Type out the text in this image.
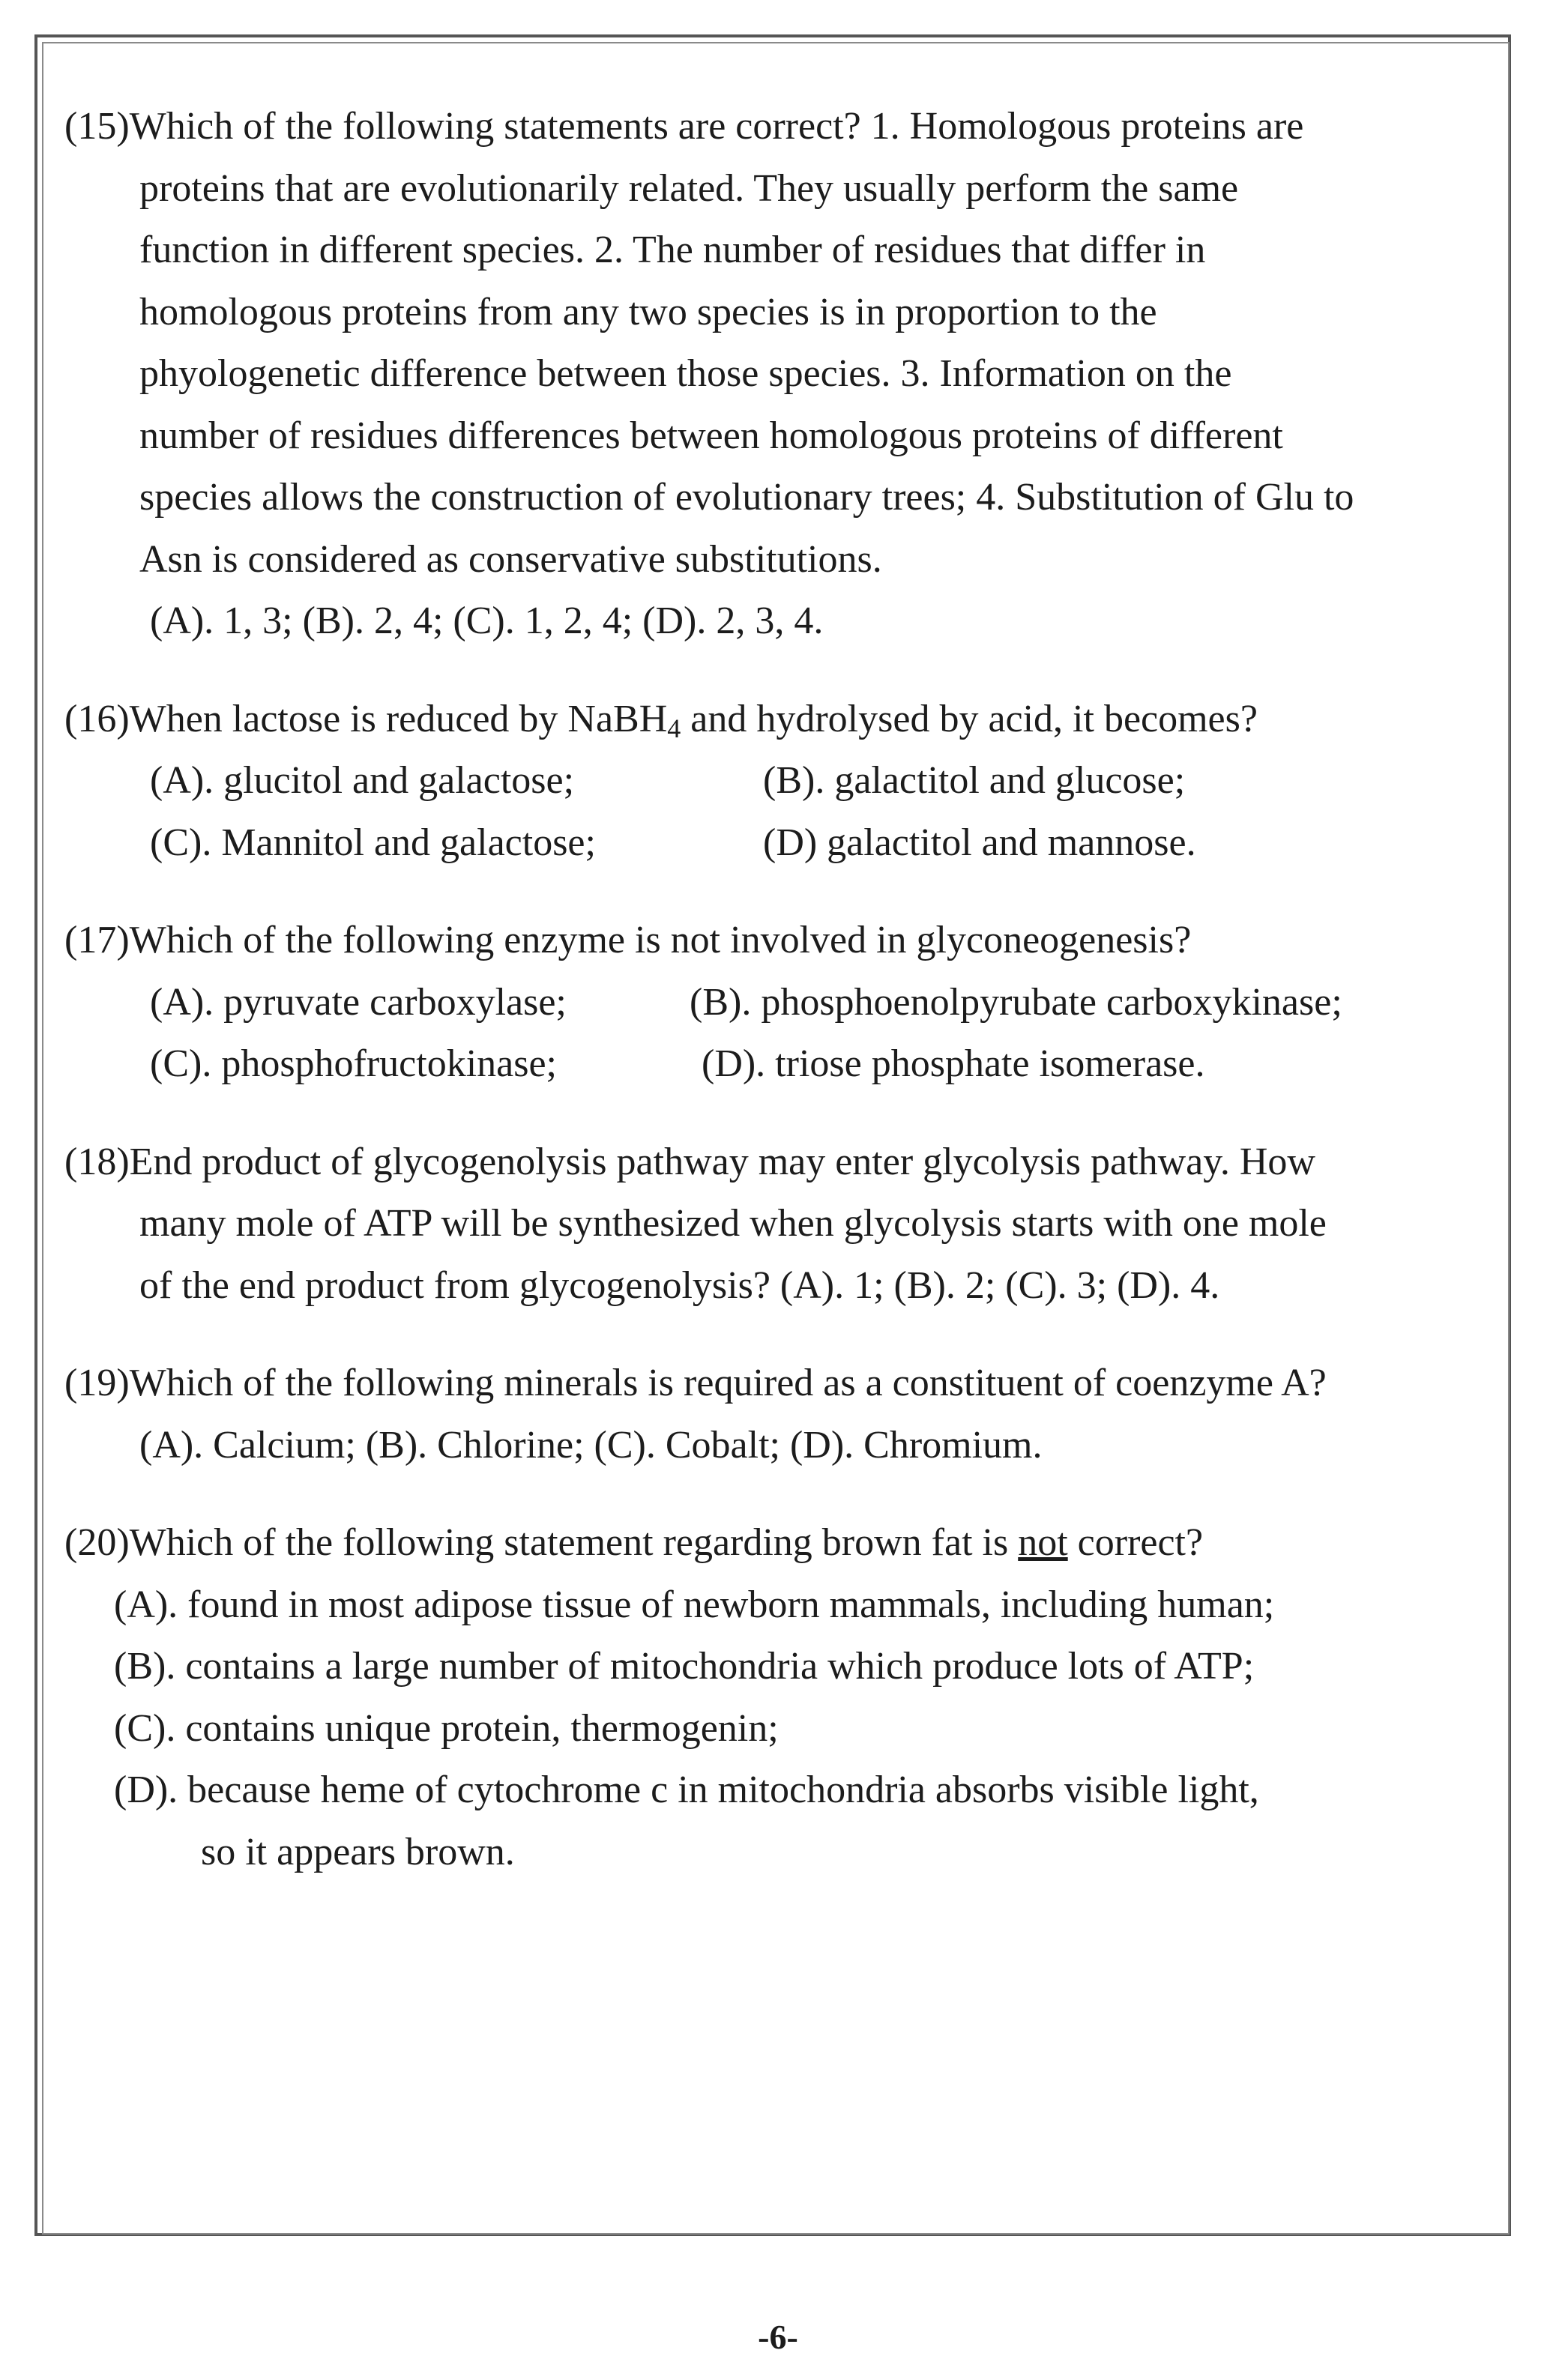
(15)Which of the following statements are correct? 1. Homologous proteins are
proteins that are evolutionarily related. They usually perform the same
function in different species. 2. The number of residues that differ in
homologous proteins from any two species is in proportion to the
phyologenetic difference between those species. 3. Information on the
number of residues differences between homologous proteins of different
species allows the construction of evolutionary trees; 4. Substitution of Glu to
Asn is considered as conservative substitutions.
(A). 1, 3; (B). 2, 4; (C). 1, 2, 4; (D). 2, 3, 4.
(16)When lactose is reduced by NaBH$_4$ and hydrolysed by acid, it becomes?
(A). glucitol and galactose;	(B). galactitol and glucose;
(C). Mannitol and galactose;	(D) galactitol and mannose.
(17)Which of the following enzyme is not involved in glyconeogenesis?
(A). pyruvate carboxylase;	(B). phosphoenolpyrubate carboxykinase;
(C). phosphofructokinase;	(D). triose phosphate isomerase.
(18)End product of glycogenolysis pathway may enter glycolysis pathway. How
many mole of ATP will be synthesized when glycolysis starts with one mole
of the end product from glycogenolysis? (A). 1; (B). 2; (C). 3; (D). 4.
(19)Which of the following minerals is required as a constituent of coenzyme A?
(A). Calcium; (B). Chlorine; (C). Cobalt; (D). Chromium.
(20)Which of the following statement regarding brown fat is not correct?
(A). found in most adipose tissue of newborn mammals, including human;
(B). contains a large number of mitochondria which produce lots of ATP;
(C). contains unique protein, thermogenin;
(D). because heme of cytochrome c in mitochondria absorbs visible light,
so it appears brown.
-6-
